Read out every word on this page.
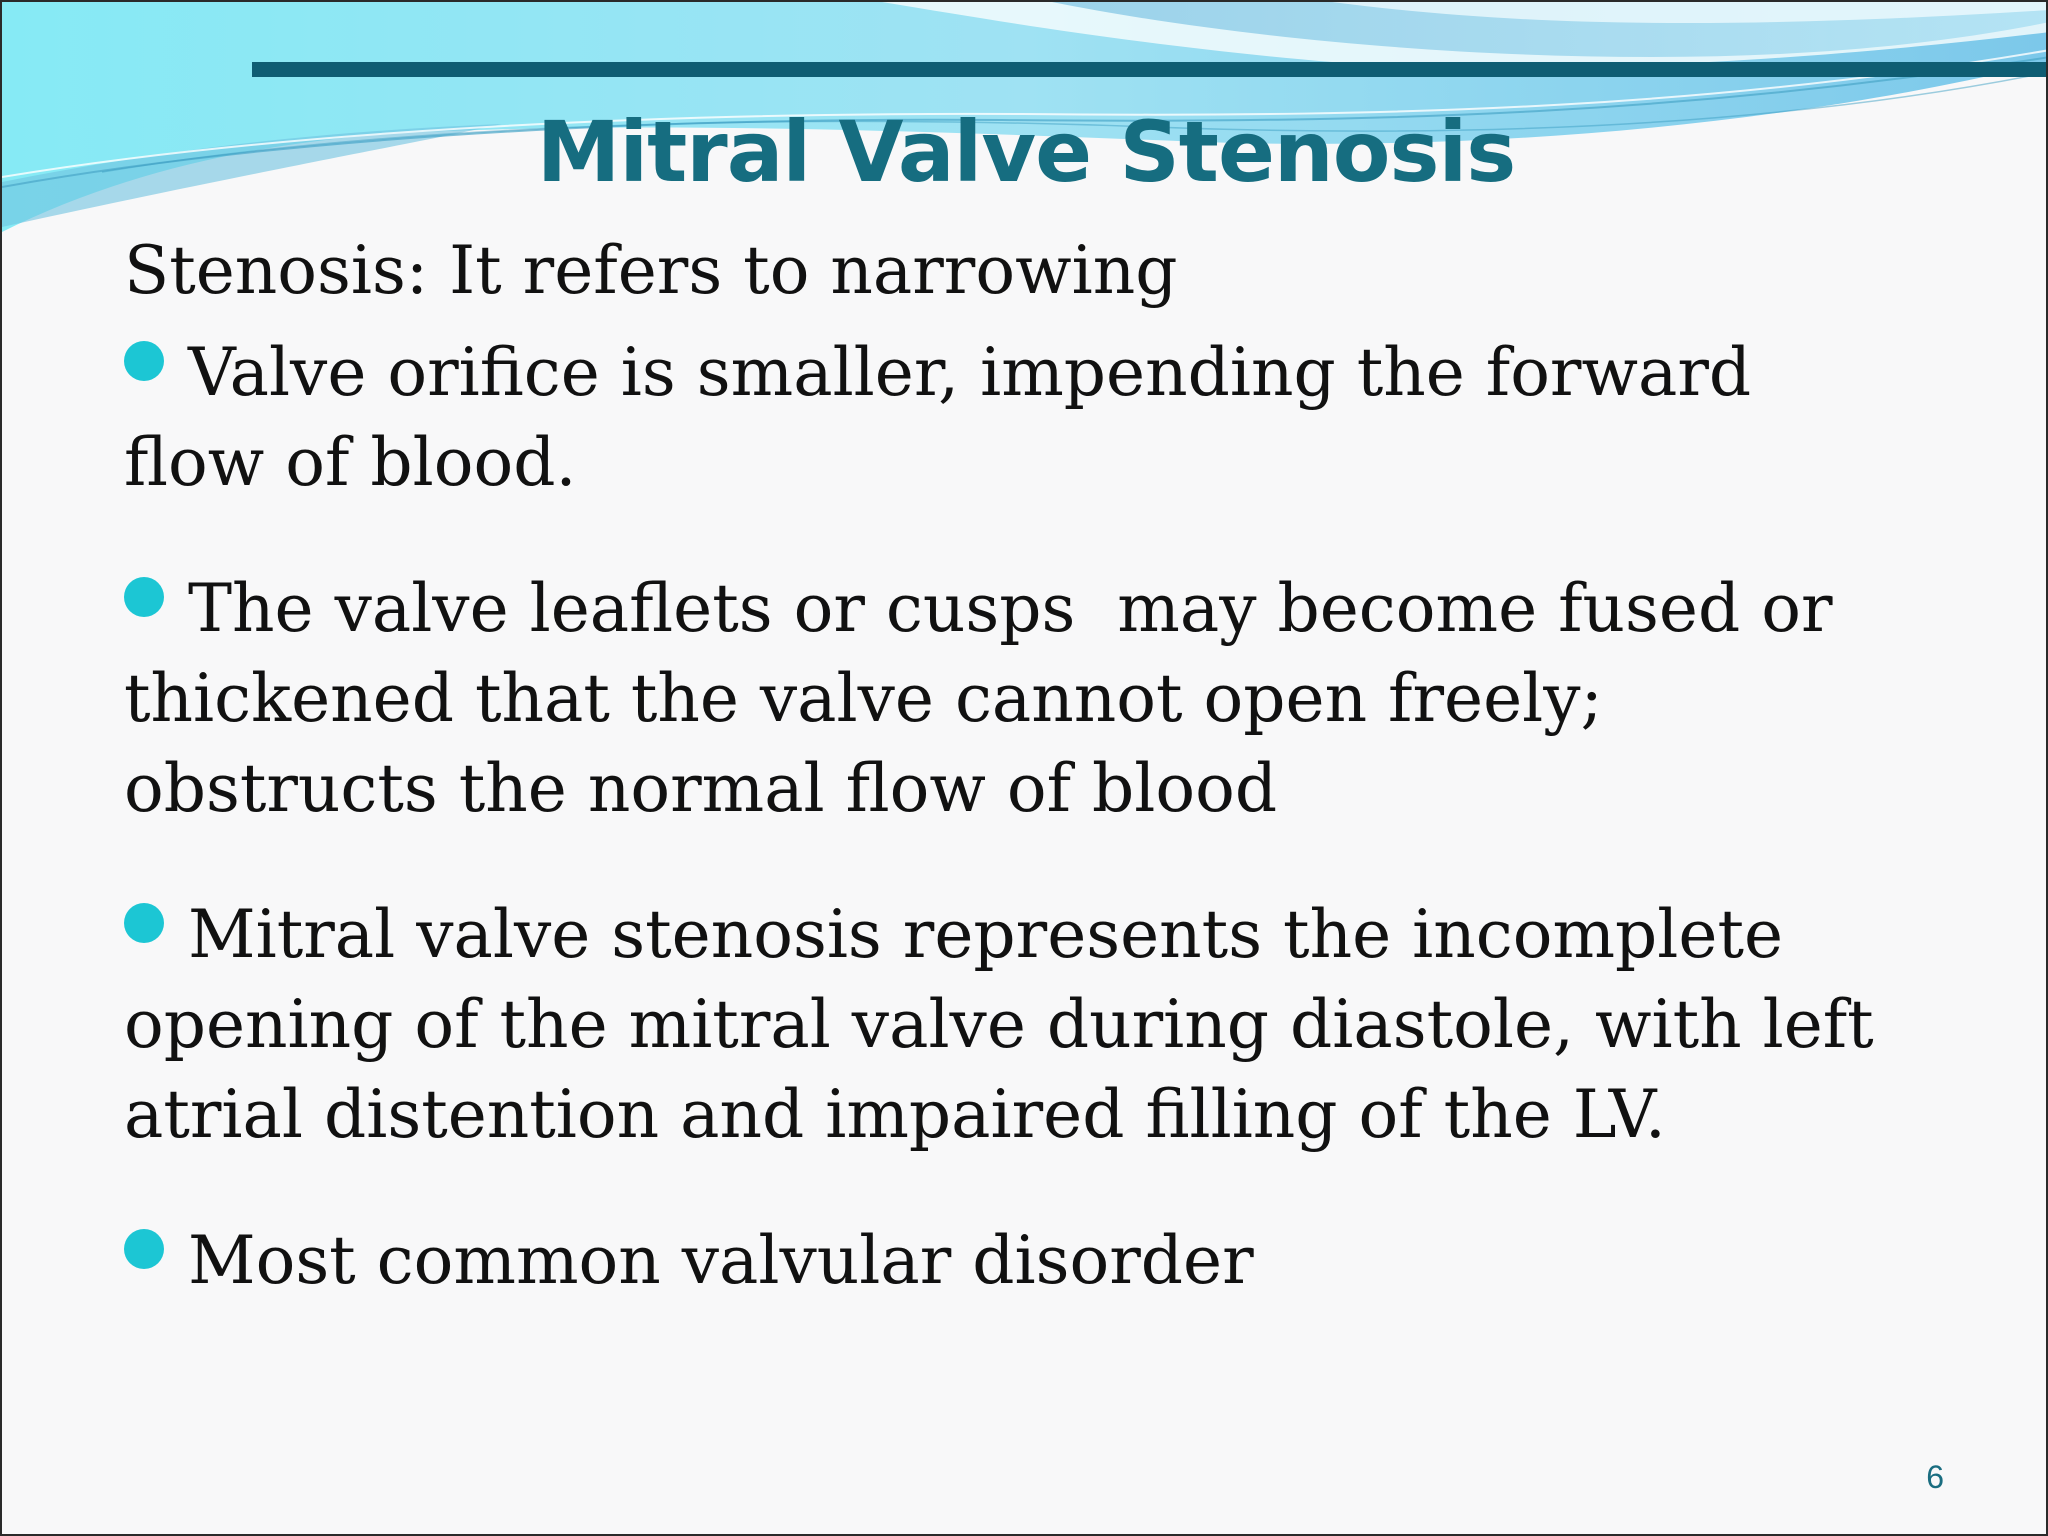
Mitral Valve Stenosis
Stenosis: It refers to narrowing
Valve orifice is smaller, impending the forward flow of blood.
The valve leaflets or cusps  may become fused or thickened that the valve cannot open freely;  obstructs the normal flow of blood
Mitral valve stenosis represents the incomplete opening of the mitral valve during diastole, with left atrial distention and impaired filling of the LV.
Most common valvular disorder
6
